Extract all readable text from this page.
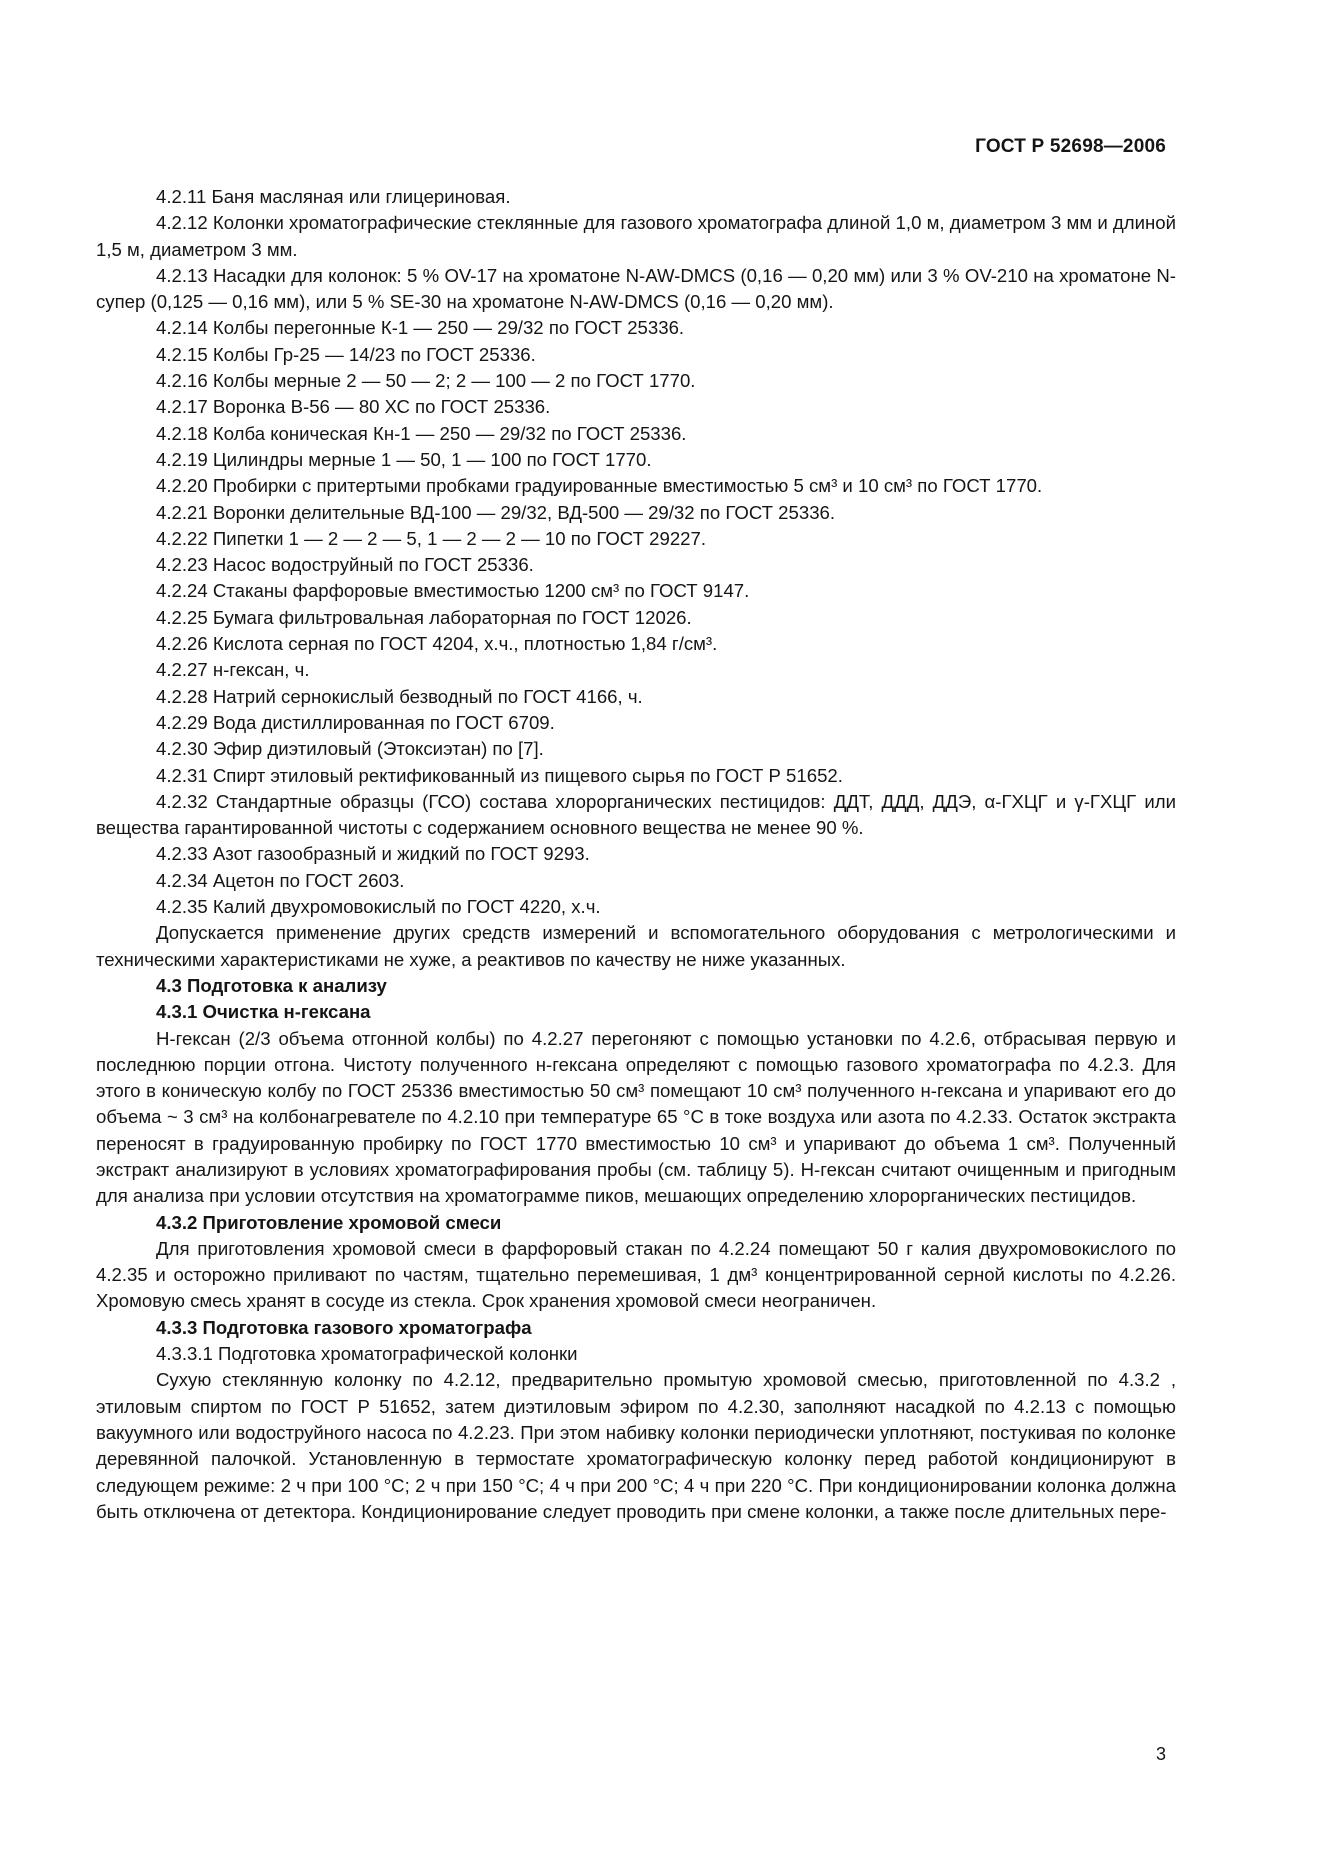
ГОСТ Р 52698—2006

4.2.11 Баня масляная или глицериновая.

4.2.12 Колонки хроматографические стеклянные для газового хроматографа длиной 1,0 м, диаметром 3 мм и длиной 1,5 м, диаметром 3 мм.

4.2.13 Насадки для колонок: 5 % OV-17 на хроматоне N-AW-DMCS (0,16 — 0,20 мм) или 3 % OV-210 на хроматоне N-супер (0,125 — 0,16 мм), или 5 % SE-30 на хроматоне N-AW-DMCS (0,16 — 0,20 мм).

4.2.14 Колбы перегонные К-1 — 250 — 29/32 по ГОСТ 25336.

4.2.15 Колбы Гр-25 — 14/23 по ГОСТ 25336.

4.2.16 Колбы мерные 2 — 50 — 2; 2 — 100 — 2 по ГОСТ 1770.

4.2.17 Воронка В-56 — 80 ХС по ГОСТ 25336.

4.2.18 Колба коническая Кн-1 — 250 — 29/32 по ГОСТ 25336.

4.2.19 Цилиндры мерные 1 — 50, 1 — 100 по ГОСТ 1770.

4.2.20 Пробирки с притертыми пробками градуированные вместимостью 5 см³ и 10 см³ по ГОСТ 1770.

4.2.21 Воронки делительные ВД-100 — 29/32, ВД-500 — 29/32 по ГОСТ 25336.

4.2.22 Пипетки 1 — 2 — 2 — 5, 1 — 2 — 2 — 10 по ГОСТ 29227.

4.2.23 Насос водоструйный по ГОСТ 25336.

4.2.24 Стаканы фарфоровые вместимостью 1200 см³ по ГОСТ 9147.

4.2.25 Бумага фильтровальная лабораторная по ГОСТ 12026.

4.2.26 Кислота серная по ГОСТ 4204, х.ч., плотностью 1,84 г/см³.

4.2.27 н-гексан, ч.

4.2.28 Натрий сернокислый безводный по ГОСТ 4166, ч.

4.2.29 Вода дистиллированная по ГОСТ 6709.

4.2.30 Эфир диэтиловый (Этоксиэтан) по [7].

4.2.31 Спирт этиловый ректификованный из пищевого сырья по ГОСТ Р 51652.

4.2.32 Стандартные образцы (ГСО) состава хлорорганических пестицидов: ДДТ, ДДД, ДДЭ, α-ГХЦГ и γ-ГХЦГ или вещества гарантированной чистоты с содержанием основного вещества не менее 90 %.

4.2.33 Азот газообразный и жидкий по ГОСТ 9293.

4.2.34 Ацетон по ГОСТ 2603.

4.2.35 Калий двухромовокислый по ГОСТ 4220, х.ч.

Допускается применение других средств измерений и вспомогательного оборудования с метрологическими и техническими характеристиками не хуже, а реактивов по качеству не ниже указанных.

4.3 Подготовка к анализу

4.3.1 Очистка н-гексана

Н-гексан (2/3 объема отгонной колбы) по 4.2.27 перегоняют с помощью установки по 4.2.6, отбрасывая первую и последнюю порции отгона. Чистоту полученного н-гексана определяют с помощью газового хроматографа по 4.2.3. Для этого в коническую колбу по ГОСТ 25336 вместимостью 50 см³ помещают 10 см³ полученного н-гексана и упаривают его до объема ~ 3 см³ на колбонагревателе по 4.2.10 при температуре 65 °С в токе воздуха или азота по 4.2.33. Остаток экстракта переносят в градуированную пробирку по ГОСТ 1770 вместимостью 10 см³ и упаривают до объема 1 см³. Полученный экстракт анализируют в условиях хроматографирования пробы (см. таблицу 5). Н-гексан считают очищенным и пригодным для анализа при условии отсутствия на хроматограмме пиков, мешающих определению хлорорганических пестицидов.

4.3.2 Приготовление хромовой смеси

Для приготовления хромовой смеси в фарфоровый стакан по 4.2.24 помещают 50 г калия двухромовокислого по 4.2.35 и осторожно приливают по частям, тщательно перемешивая, 1 дм³ концентрированной серной кислоты по 4.2.26. Хромовую смесь хранят в сосуде из стекла. Срок хранения хромовой смеси неограничен.

4.3.3 Подготовка газового хроматографа

4.3.3.1 Подготовка хроматографической колонки

Сухую стеклянную колонку по 4.2.12, предварительно промытую хромовой смесью, приготовленной по 4.3.2 , этиловым спиртом по ГОСТ Р 51652, затем диэтиловым эфиром по 4.2.30, заполняют насадкой по 4.2.13 с помощью вакуумного или водоструйного насоса по 4.2.23. При этом набивку колонки периодически уплотняют, постукивая по колонке деревянной палочкой. Установленную в термостате хроматографическую колонку перед работой кондиционируют в следующем режиме: 2 ч при 100 °С; 2 ч при 150 °С; 4 ч при 200 °С; 4 ч при 220 °С. При кондиционировании колонка должна быть отключена от детектора. Кондиционирование следует проводить при смене колонки, а также после длительных пере-

3
